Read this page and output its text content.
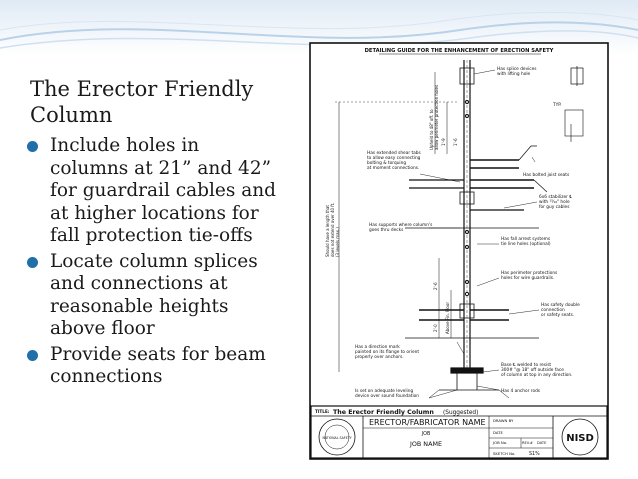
The Erector Friendly
Column
Include holes in
columns at 21” and 42”
for guardrail cables and
at higher locations for
fall protection tie-offs
Locate column splices
and connections at
reasonable heights
above floor
Provide seats for beam
connections
DETAILING GUIDE FOR THE ENHANCEMENT OF ERECTION SAFETY
Has splice devices with lifting hole
TYP.
Has extended shear tabs to allow easy connecting bolting & torquing at moment connections.
Has bolted joist seats
6x6 stabilizer ℄ with ¹⁵⁄₁₆" hole for guy cables
Has supports where column's goes thru decks
Has fall arrest systems tie line holes (optional)
Has perimeter protections holes for wire guardrails.
Has safety double connection or safety seats.
Has a direction mark painted on its flange to orient properly over anchors.
Base ℄ welded to resist 300# "@ 18" off outside face of column at top in any direction.
Has 4 anchor rods
Is set on adequate leveling device over sound foundation
Should have a length thatdoes not extend over 40 ft.(3 levels max.)
Upheld to 48" off. toallow perimeter protection holes
Above Fin. Floor
1'-9 1'-6
2'-6
2'-0
TITLE: The Erector Friendly Column (Suggested)
DRAWN BY
ERECTOR/FABRICATOR NAME
DATE
JOB
JOB NAME	JOB No.	REV.# DATE
SKETCH No.	S1%
NATIONAL SAFETY	NISD
